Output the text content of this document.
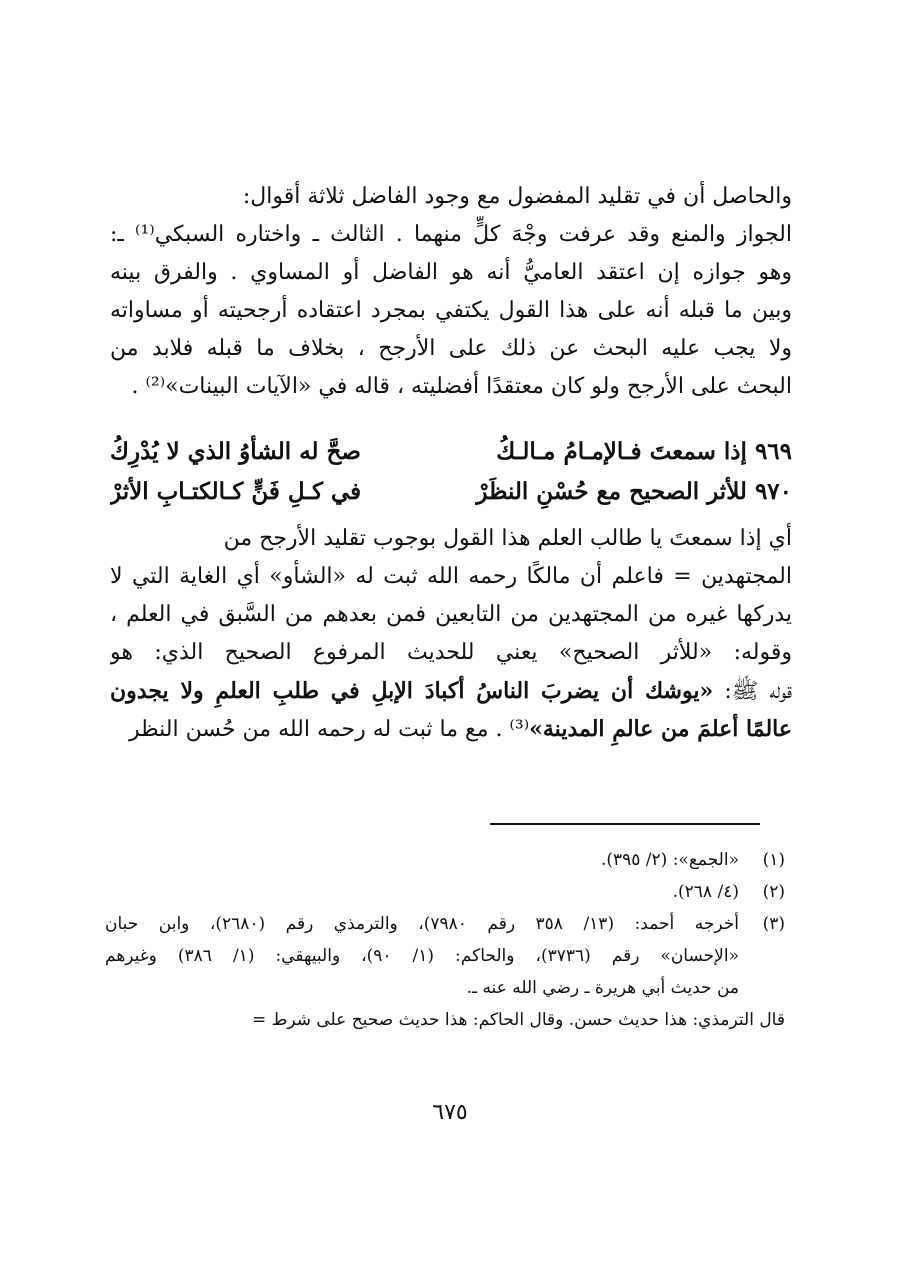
والحاصل أن في تقليد المفضول مع وجود الفاضل ثلاثة أقوال:
الجواز والمنع وقد عرفت وجْهَ كلٍّ منهما . الثالث ـ واختاره السبكي⁽¹⁾ ـ:
وهو جوازه إن اعتقد العاميُّ أنه هو الفاضل أو المساوي . والفرق بينه
وبين ما قبله أنه على هذا القول يكتفي بمجرد اعتقاده أرجحيته أو مساواته
ولا يجب عليه البحث عن ذلك على الأرجح ، بخلاف ما قبله فلابد من
البحث على الأرجح ولو كان معتقدًا أفضليته ، قاله في «الآيات البينات»⁽²⁾ .
٩٦٩ إذا سمعتَ فـالإمـامُ مـالـكُ
صحَّ له الشأوُ الذي لا يُدْرِكُ
٩٧٠ للأثر الصحيح مع حُسْنِ النظَرْ
في كـلِ فَنٍّ كـالكتـابِ الأثرْ
أي إذا سمعتَ يا طالب العلم هذا القول بوجوب تقليد الأرجح من
المجتهدين = فاعلم أن مالكًا رحمه الله ثبت له «الشأو» أي الغاية التي لا
يدركها غيره من المجتهدين من التابعين فمن بعدهم من السَّبق في العلم ،
وقوله: «للأثر الصحيح» يعني للحديث المرفوع الصحيح الذي: هو
قوله ﷺ: «يوشك أن يضربَ الناسُ أكبادَ الإبلِ في طلبِ العلمِ ولا يجدون
عالمًا أعلمَ من عالمِ المدينة»⁽³⁾ . مع ما ثبت له رحمه الله من حُسن النظر
(١)
«الجمع»: (٢/ ٣٩٥).
(٢)
(٤/ ٢٦٨).
(٣)
أخرجه أحمد: (١٣/ ٣٥٨ رقم ٧٩٨٠)، والترمذي رقم (٢٦٨٠)، وابن حبان
«الإحسان» رقم (٣٧٣٦)، والحاكم: (١/ ٩٠)، والبيهقي: (١/ ٣٨٦) وغيرهم
من حديث أبي هريرة ـ رضي الله عنه ـ.
قال الترمذي: هذا حديث حسن. وقال الحاكم: هذا حديث صحيح على شرط =
٦٧٥
